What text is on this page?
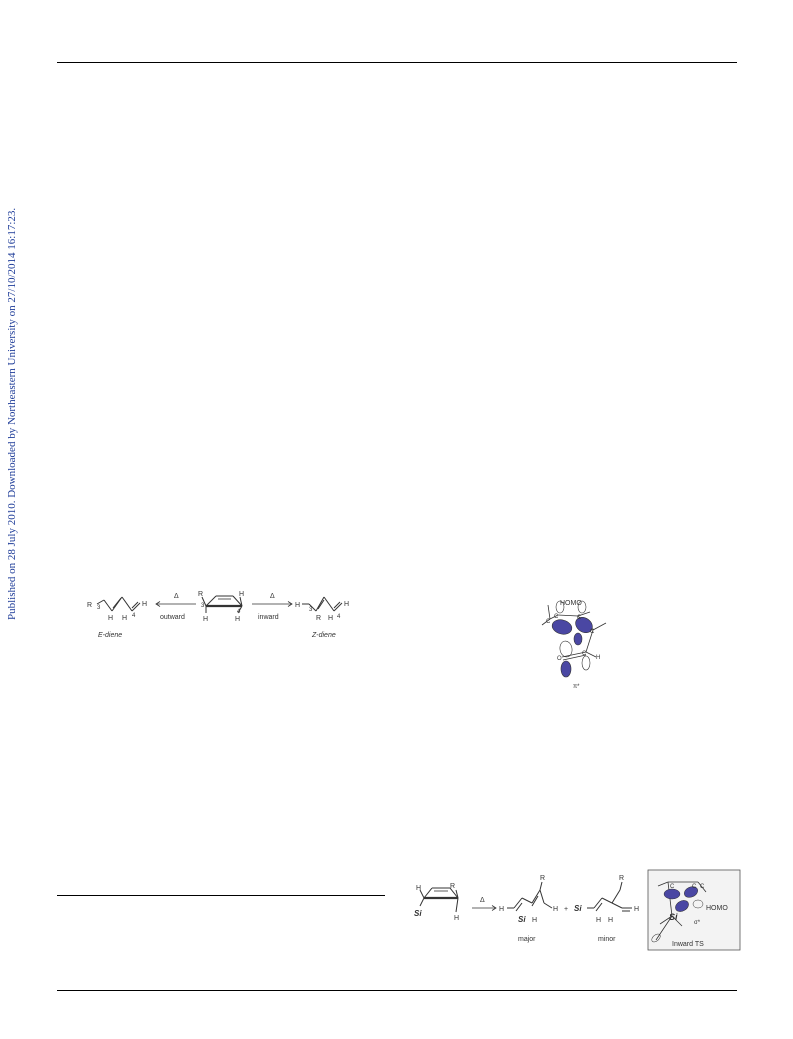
Published on 28 July 2010. Downloaded by Northeastern University on 27/10/2014 16:17:23.	R 3
H H 4
H
E-diene
Δ
outward
R
3
H
H
4
H
Δ
inward
H
3
R H 4
H
Z-diene
HOMO
C
C	C
C
O
C
H
π*
H	R
Si
H
Δ
H
R
Si H
H
major
+ Si
R
H H
H
minor
C	C C
Si
σ*
HOMO
Inward TS
